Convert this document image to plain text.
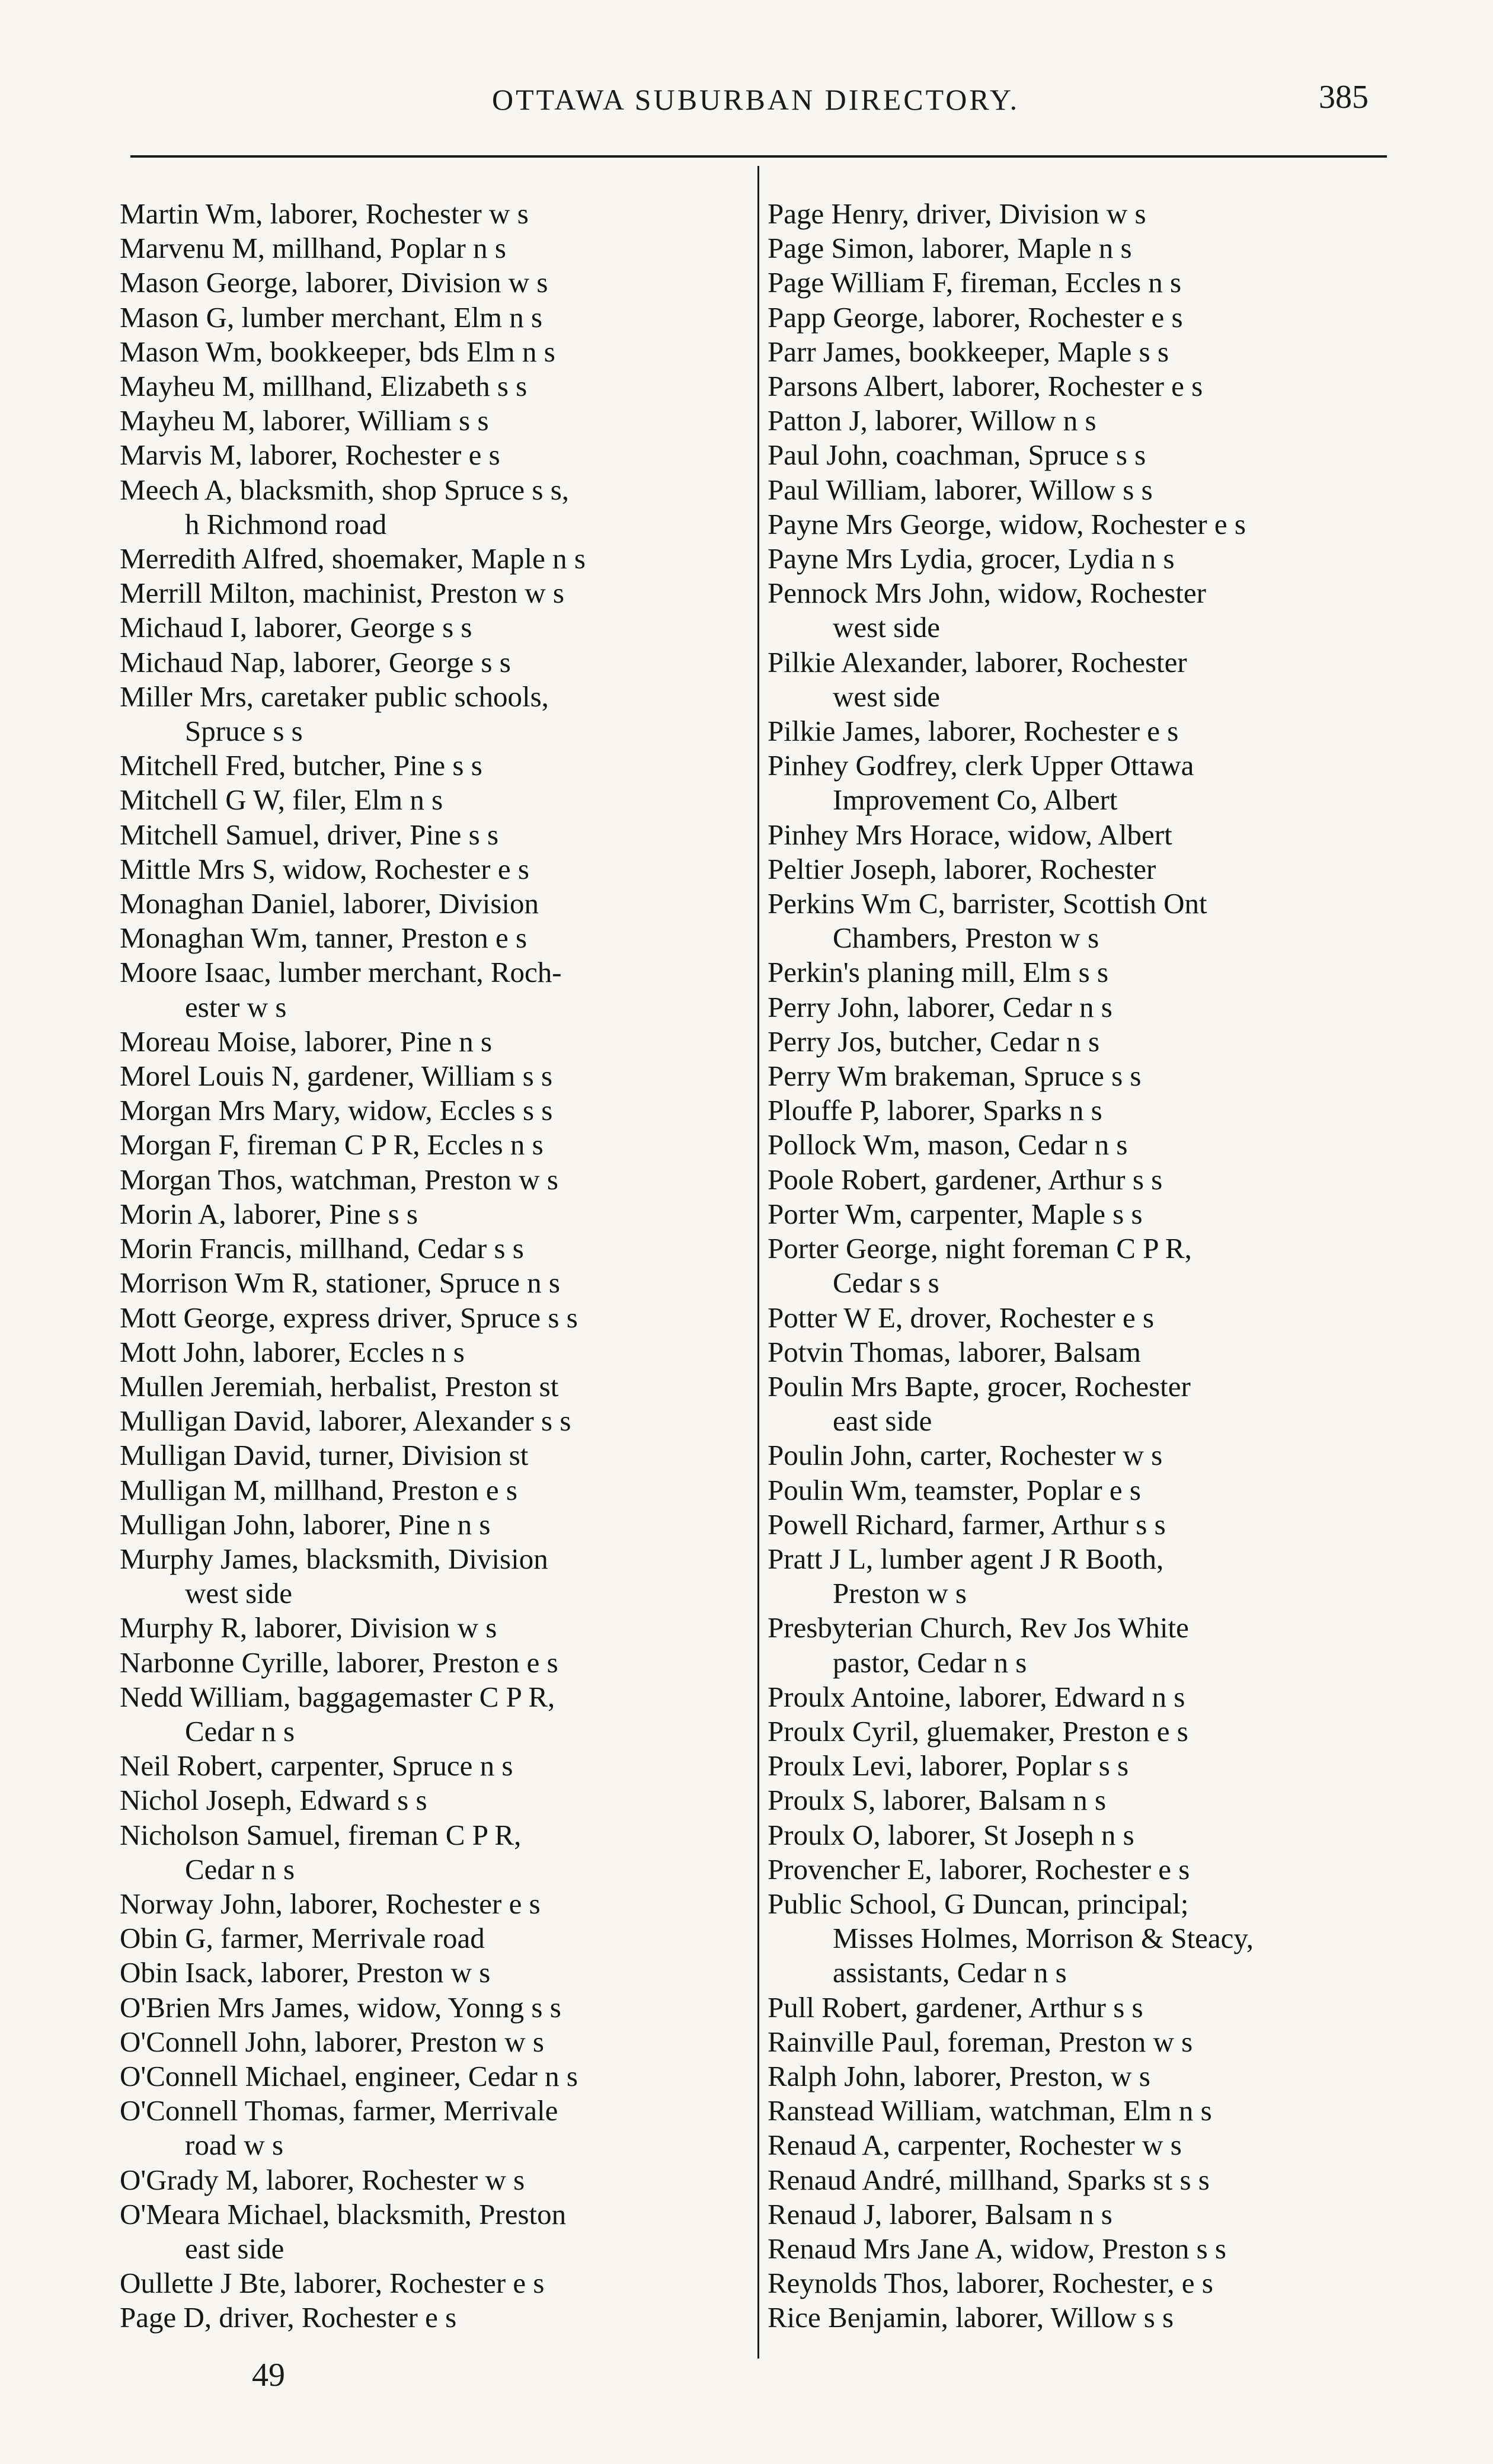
OTTAWA SUBURBAN DIRECTORY.	385
Martin Wm, laborer, Rochester w s
Marvenu M, millhand, Poplar n s
Mason George, laborer, Division w s
Mason G, lumber merchant, Elm n s
Mason Wm, bookkeeper, bds Elm n s
Mayheu M, millhand, Elizabeth s s
Mayheu M, laborer, William s s
Marvis M, laborer, Rochester e s
Meech A, blacksmith, shop Spruce s s,
h Richmond road
Merredith Alfred, shoemaker, Maple n s
Merrill Milton, machinist, Preston w s
Michaud I, laborer, George s s
Michaud Nap, laborer, George s s
Miller Mrs, caretaker public schools,
Spruce s s
Mitchell Fred, butcher, Pine s s
Mitchell G W, filer, Elm n s
Mitchell Samuel, driver, Pine s s
Mittle Mrs S, widow, Rochester e s
Monaghan Daniel, laborer, Division
Monaghan Wm, tanner, Preston e s
Moore Isaac, lumber merchant, Roch-
ester w s
Moreau Moise, laborer, Pine n s
Morel Louis N, gardener, William s s
Morgan Mrs Mary, widow, Eccles s s
Morgan F, fireman C P R, Eccles n s
Morgan Thos, watchman, Preston w s
Morin A, laborer, Pine s s
Morin Francis, millhand, Cedar s s
Morrison Wm R, stationer, Spruce n s
Mott George, express driver, Spruce s s
Mott John, laborer, Eccles n s
Mullen Jeremiah, herbalist, Preston st
Mulligan David, laborer, Alexander s s
Mulligan David, turner, Division st
Mulligan M, millhand, Preston e s
Mulligan John, laborer, Pine n s
Murphy James, blacksmith, Division
west side
Murphy R, laborer, Division w s
Narbonne Cyrille, laborer, Preston e s
Nedd William, baggagemaster C P R,
Cedar n s
Neil Robert, carpenter, Spruce n s
Nichol Joseph, Edward s s
Nicholson Samuel, fireman C P R,
Cedar n s
Norway John, laborer, Rochester e s
Obin G, farmer, Merrivale road
Obin Isack, laborer, Preston w s
O'Brien Mrs James, widow, Yonng s s
O'Connell John, laborer, Preston w s
O'Connell Michael, engineer, Cedar n s
O'Connell Thomas, farmer, Merrivale
road w s
O'Grady M, laborer, Rochester w s
O'Meara Michael, blacksmith, Preston
east side
Oullette J Bte, laborer, Rochester e s
Page D, driver, Rochester e s
Page Henry, driver, Division w s
Page Simon, laborer, Maple n s
Page William F, fireman, Eccles n s
Papp George, laborer, Rochester e s
Parr James, bookkeeper, Maple s s
Parsons Albert, laborer, Rochester e s
Patton J, laborer, Willow n s
Paul John, coachman, Spruce s s
Paul William, laborer, Willow s s
Payne Mrs George, widow, Rochester e s
Payne Mrs Lydia, grocer, Lydia n s
Pennock Mrs John, widow, Rochester
west side
Pilkie Alexander, laborer, Rochester
west side
Pilkie James, laborer, Rochester e s
Pinhey Godfrey, clerk Upper Ottawa
Improvement Co, Albert
Pinhey Mrs Horace, widow, Albert
Peltier Joseph, laborer, Rochester
Perkins Wm C, barrister, Scottish Ont
Chambers, Preston w s
Perkin's planing mill, Elm s s
Perry John, laborer, Cedar n s
Perry Jos, butcher, Cedar n s
Perry Wm brakeman, Spruce s s
Plouffe P, laborer, Sparks n s
Pollock Wm, mason, Cedar n s
Poole Robert, gardener, Arthur s s
Porter Wm, carpenter, Maple s s
Porter George, night foreman C P R,
Cedar s s
Potter W E, drover, Rochester e s
Potvin Thomas, laborer, Balsam
Poulin Mrs Bapte, grocer, Rochester
east side
Poulin John, carter, Rochester w s
Poulin Wm, teamster, Poplar e s
Powell Richard, farmer, Arthur s s
Pratt J L, lumber agent J R Booth,
Preston w s
Presbyterian Church, Rev Jos White
pastor, Cedar n s
Proulx Antoine, laborer, Edward n s
Proulx Cyril, gluemaker, Preston e s
Proulx Levi, laborer, Poplar s s
Proulx S, laborer, Balsam n s
Proulx O, laborer, St Joseph n s
Provencher E, laborer, Rochester e s
Public School, G Duncan, principal;
Misses Holmes, Morrison & Steacy,
assistants, Cedar n s
Pull Robert, gardener, Arthur s s
Rainville Paul, foreman, Preston w s
Ralph John, laborer, Preston, w s
Ranstead William, watchman, Elm n s
Renaud A, carpenter, Rochester w s
Renaud André, millhand, Sparks st s s
Renaud J, laborer, Balsam n s
Renaud Mrs Jane A, widow, Preston s s
Reynolds Thos, laborer, Rochester, e s
Rice Benjamin, laborer, Willow s s
49
